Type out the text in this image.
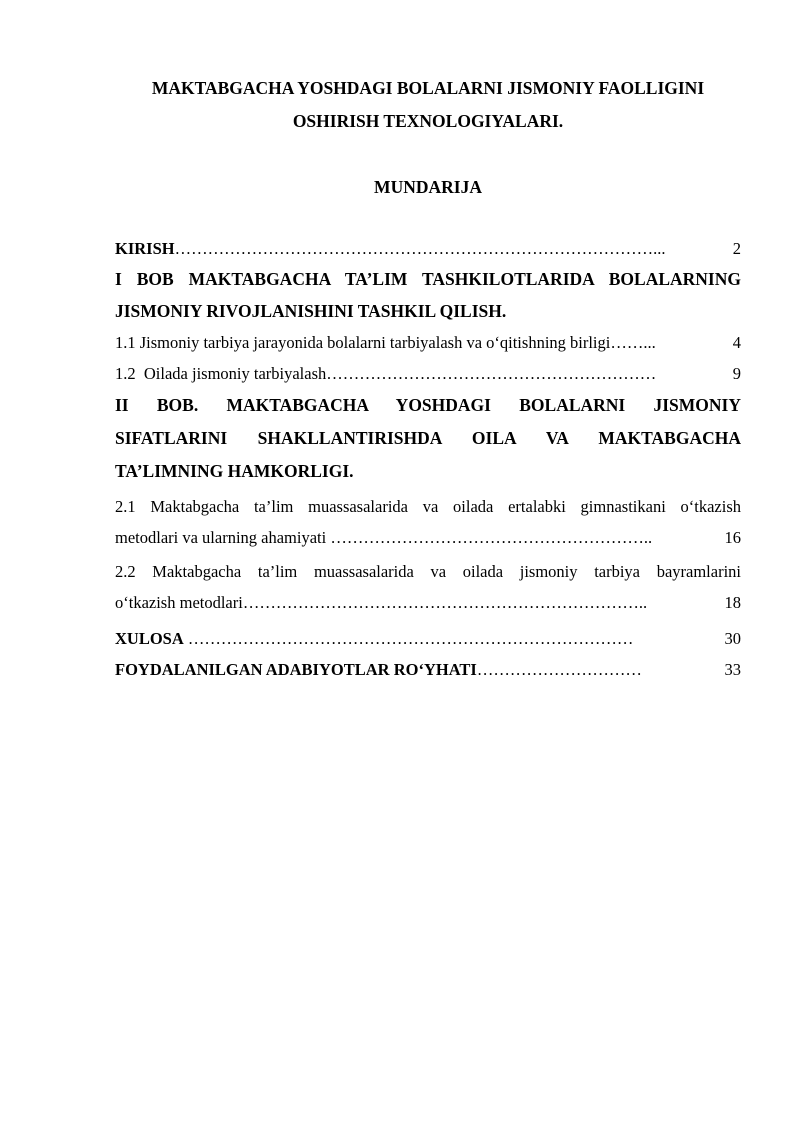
MAKTABGACHA YOSHDAGI BOLALARNI JISMONIY FAOLLIGINI
OSHIRISH TEXNOLOGIYALARI.

MUNDARIJA

KIRISH ……………………………………………………………………………...	2
I BOB MAKTABGACHA TA’LIM TASHKILOTLARIDA BOLALARNING
JISMONIY RIVOJLANISHINI TASHKIL QILISH.
1.1 Jismoniy tarbiya jarayonida bolalarni tarbiyalash va o‘qitishning birligi ……...	4
1.2  Oilada jismoniy tarbiyalash ……………………………………………………	9
II BOB. MAKTABGACHA YOSHDAGI BOLALARNI JISMONIY
SIFATLARINI SHAKLLANTIRISHDA OILA VA MAKTABGACHA
TA’LIMNING HAMKORLIGI.
2.1 Maktabgacha ta’lim muassasalarida va oilada ertalabki gimnastikani o‘tkazish
metodlari va ularning ahamiyati …………………………………………………..	16
2.2 Maktabgacha ta’lim muassasalarida va oilada jismoniy tarbiya bayramlarini
o‘tkazish metodlari ………………………………………………………………..	18
XULOSA ………………………………………………………………………	30
FOYDALANILGAN ADABIYOTLAR RO‘YHATI …………………………	33
